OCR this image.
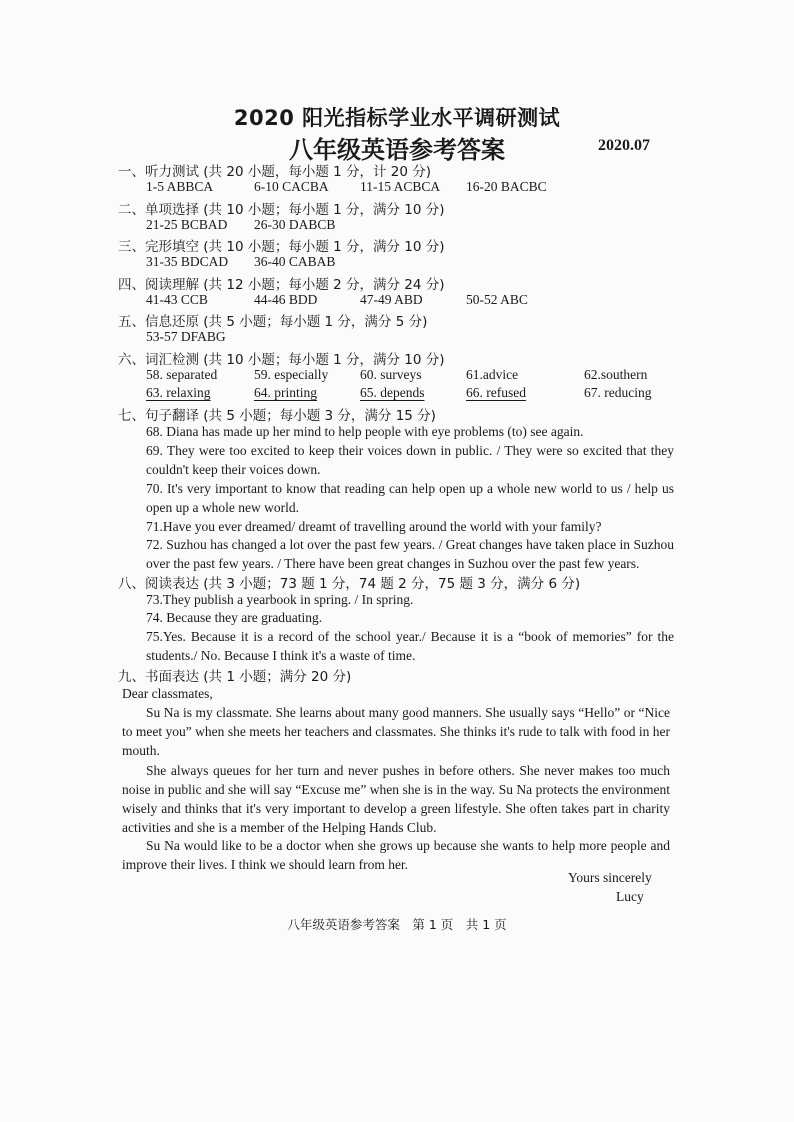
2020 阳光指标学业水平调研测试
八年级英语参考答案	2020.07
一、听力测试 (共 20 小题，每小题 1 分，计 20 分)
1-5 ABBCA	6-10 CACBA 11-15 ACBCA 16-20 BACBC
二、单项选择 (共 10 小题；每小题 1 分，满分 10 分)
21-25 BCBAD 26-30 DABCB
三、完形填空 (共 10 小题；每小题 1 分，满分 10 分)
31-35 BDCAD 36-40 CABAB
四、阅读理解 (共 12 小题；每小题 2 分，满分 24 分)
41-43 CCB	44-46 BDD	47-49 ABD	50-52 ABC
五、信息还原 (共 5 小题；每小题 1 分，满分 5 分)
53-57 DFABG
六、词汇检测 (共 10 小题；每小题 1 分，满分 10 分)
58. separated	59. especially 60. surveys	61.advice	62.southern
63. relaxing	64. printing	65. depends	66. refused	67. reducing
七、句子翻译 (共 5 小题；每小题 3 分，满分 15 分)
68. Diana has made up her mind to help people with eye problems (to) see again.
69. They were too excited to keep their voices down in public. / They were so excited that they couldn't keep their voices down.
70. It's very important to know that reading can help open up a whole new world to us / help us open up a whole new world.
71.Have you ever dreamed/ dreamt of travelling around the world with your family?
72. Suzhou has changed a lot over the past few years. / Great changes have taken place in Suzhou over the past few years. / There have been great changes in Suzhou over the past few years.
八、阅读表达 (共 3 小题；73 题 1 分，74 题 2 分，75 题 3 分，满分 6 分)
73.They publish a yearbook in spring. / In spring.
74. Because they are graduating.
75.Yes. Because it is a record of the school year./ Because it is a “book of memories” for the students./ No. Because I think it's a waste of time.
九、书面表达 (共 1 小题；满分 20 分)
Dear classmates,
Su Na is my classmate. She learns about many good manners. She usually says “Hello” or “Nice to meet you” when she meets her teachers and classmates. She thinks it's rude to talk with food in her mouth.
She always queues for her turn and never pushes in before others. She never makes too much noise in public and she will say “Excuse me” when she is in the way. Su Na protects the environment wisely and thinks that it's very important to develop a green lifestyle. She often takes part in charity activities and she is a member of the Helping Hands Club.
Su Na would like to be a doctor when she grows up because she wants to help more people and improve their lives. I think we should learn from her.
Yours sincerely
Lucy
八年级英语参考答案　第 1 页　共 1 页
